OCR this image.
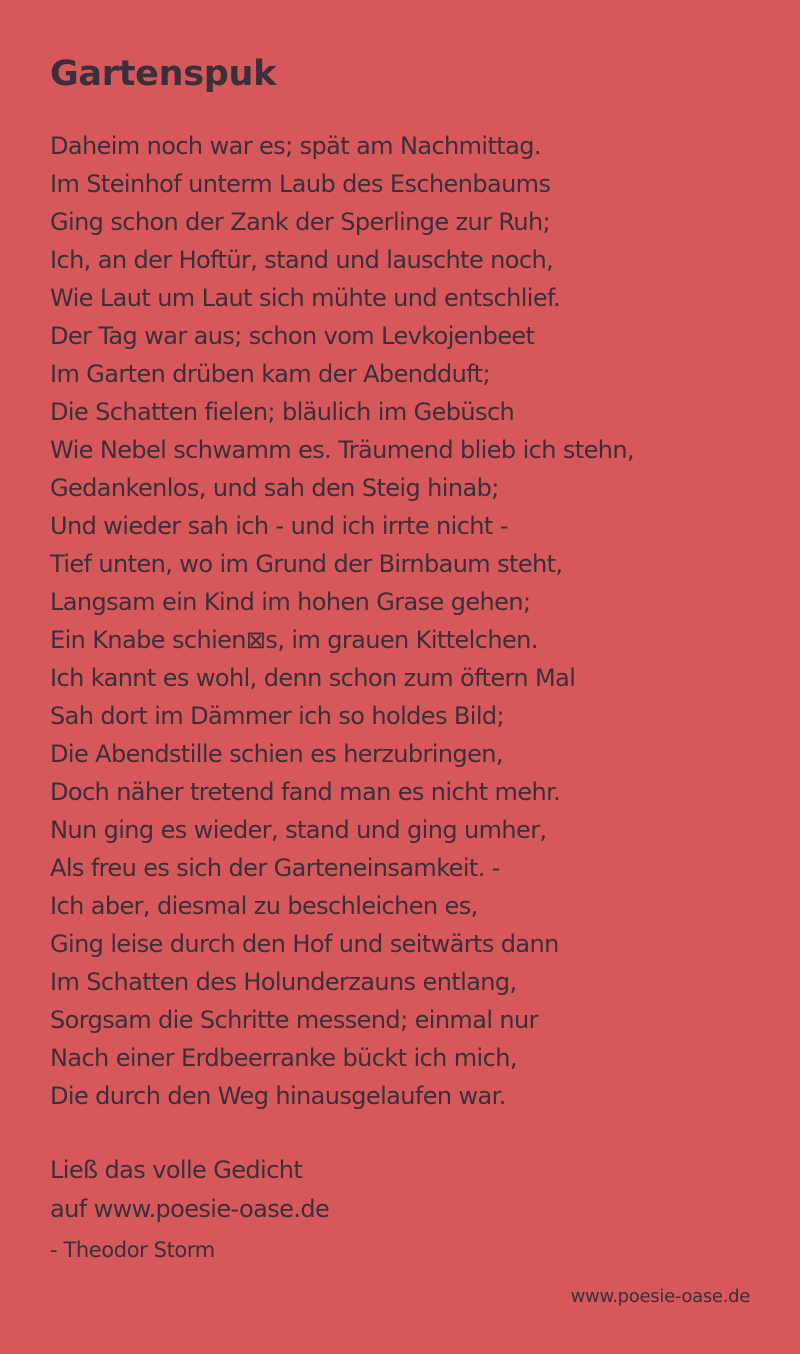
Gartenspuk
Daheim noch war es; spät am Nachmittag.
Im Steinhof unterm Laub des Eschenbaums
Ging schon der Zank der Sperlinge zur Ruh;
Ich, an der Hoftür, stand und lauschte noch,
Wie Laut um Laut sich mühte und entschlief.
Der Tag war aus; schon vom Levkojenbeet
Im Garten drüben kam der Abendduft;
Die Schatten fielen; bläulich im Gebüsch
Wie Nebel schwamm es. Träumend blieb ich stehn,
Gedankenlos, und sah den Steig hinab;
Und wieder sah ich - und ich irrte nicht -
Tief unten, wo im Grund der Birnbaum steht,
Langsam ein Kind im hohen Grase gehen;
Ein Knabe schien⊠s, im grauen Kittelchen.
Ich kannt es wohl, denn schon zum öftern Mal
Sah dort im Dämmer ich so holdes Bild;
Die Abendstille schien es herzubringen,
Doch näher tretend fand man es nicht mehr.
Nun ging es wieder, stand und ging umher,
Als freu es sich der Garteneinsamkeit. -
Ich aber, diesmal zu beschleichen es,
Ging leise durch den Hof und seitwärts dann
Im Schatten des Holunderzauns entlang,
Sorgsam die Schritte messend; einmal nur
Nach einer Erdbeerranke bückt ich mich,
Die durch den Weg hinausgelaufen war.
Ließ das volle Gedicht
auf www.poesie-oase.de
- Theodor Storm
www.poesie-oase.de
